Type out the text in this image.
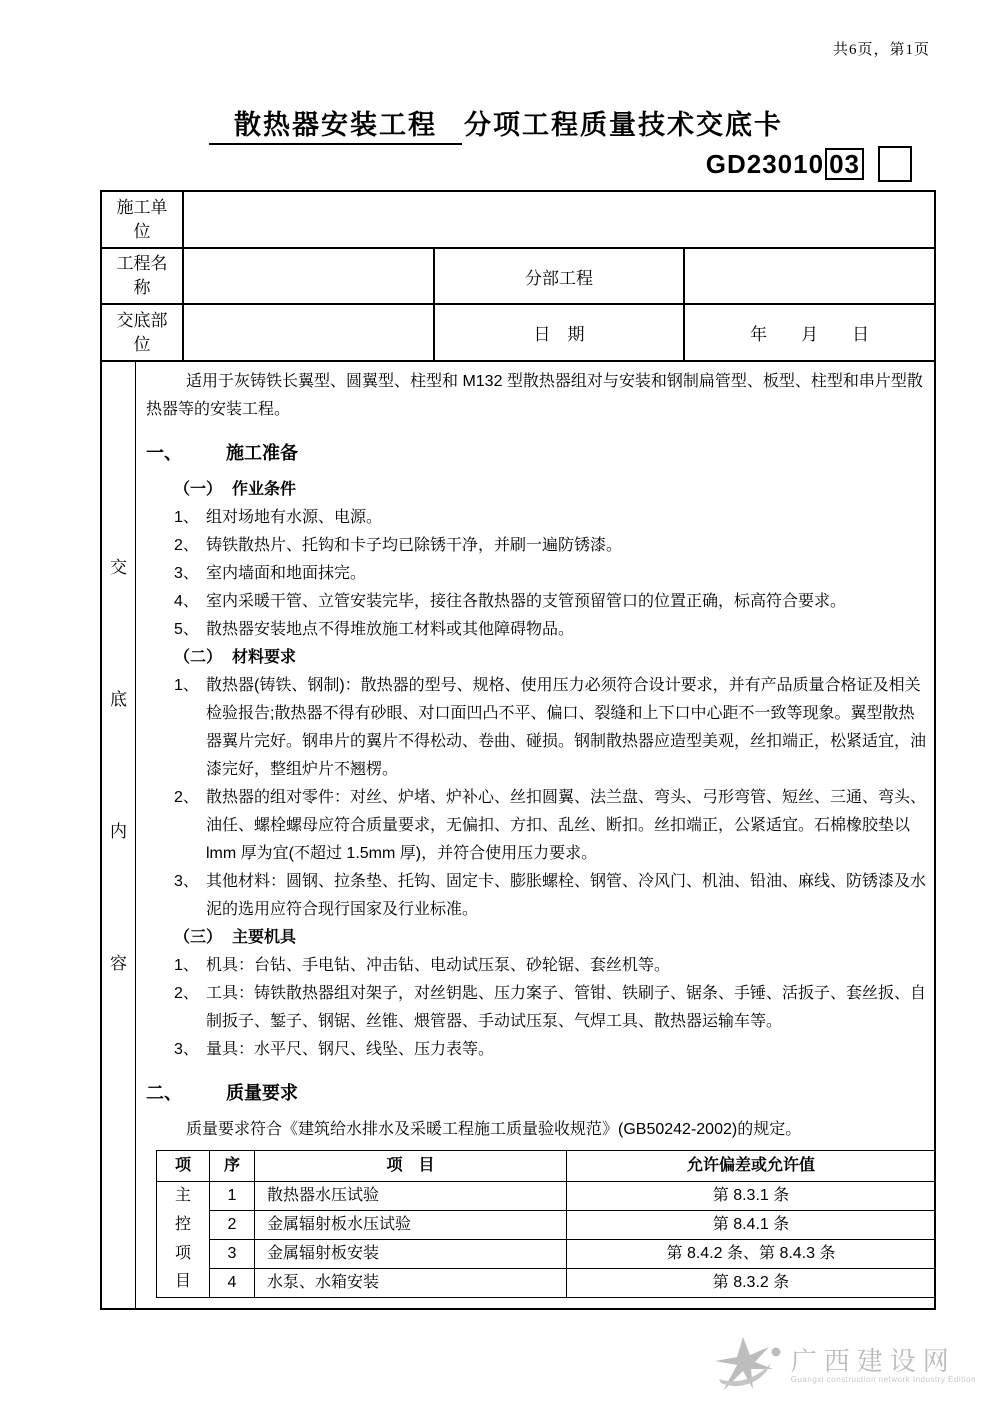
共6页，第1页
散热器安装工程 分项工程质量技术交底卡
GD23010 03
施工单位			

工程名称		分部工程	

交底部位		日　期	年　　月　　日
交
底
内
容

适用于灰铸铁长翼型、圆翼型、柱型和 M132 型散热器组对与安装和钢制扁管型、板型、柱型和串片型散热器等的安装工程。

一、 施工准备
（一） 作业条件
1、 组对场地有水源、电源。
2、 铸铁散热片、托钩和卡子均已除锈干净，并刷一遍防锈漆。
3、 室内墙面和地面抹完。
4、 室内采暖干管、立管安装完毕，接往各散热器的支管预留管口的位置正确，标高符合要求。
5、 散热器安装地点不得堆放施工材料或其他障碍物品。
（二） 材料要求
1、 散热器(铸铁、钢制)：散热器的型号、规格、使用压力必须符合设计要求，并有产品质量合格证及相关检验报告;散热器不得有砂眼、对口面凹凸不平、偏口、裂缝和上下口中心距不一致等现象。翼型散热器翼片完好。钢串片的翼片不得松动、卷曲、碰损。钢制散热器应造型美观，丝扣端正，松紧适宜，油漆完好，整组炉片不翘楞。
2、 散热器的组对零件：对丝、炉堵、炉补心、丝扣圆翼、法兰盘、弯头、弓形弯管、短丝、三通、弯头、油任、螺栓螺母应符合质量要求，无偏扣、方扣、乱丝、断扣。丝扣端正，公紧适宜。石棉橡胶垫以 lmm 厚为宜(不超过 1.5mm 厚)，并符合使用压力要求。
3、 其他材料：圆钢、拉条垫、托钩、固定卡、膨胀螺栓、钢管、冷风门、机油、铅油、麻线、防锈漆及水泥的选用应符合现行国家及行业标准。
（三） 主要机具
1、 机具：台钻、手电钻、冲击钻、电动试压泵、砂轮锯、套丝机等。
2、 工具：铸铁散热器组对架子，对丝钥匙、压力案子、管钳、铁刷子、锯条、手锤、活扳子、套丝扳、自制扳子、錾子、钢锯、丝锥、煨管器、手动试压泵、气焊工具、散热器运输车等。
3、 量具：水平尺、钢尺、线坠、压力表等。
二、 质量要求

质量要求符合《建筑给水排水及采暖工程施工质量验收规范》(GB50242-2002)的规定。

项	序	项　目	允许偏差或允许值

主
控
项
目	1	散热器水压试验	第 8.3.1 条
	2	金属辐射板水压试验	第 8.4.1 条
	3	金属辐射板安装	第 8.4.2 条、第 8.4.3 条
	4	水泵、水箱安装	第 8.3.2 条
广西建设网
Guangxi construction network Industry Edition
